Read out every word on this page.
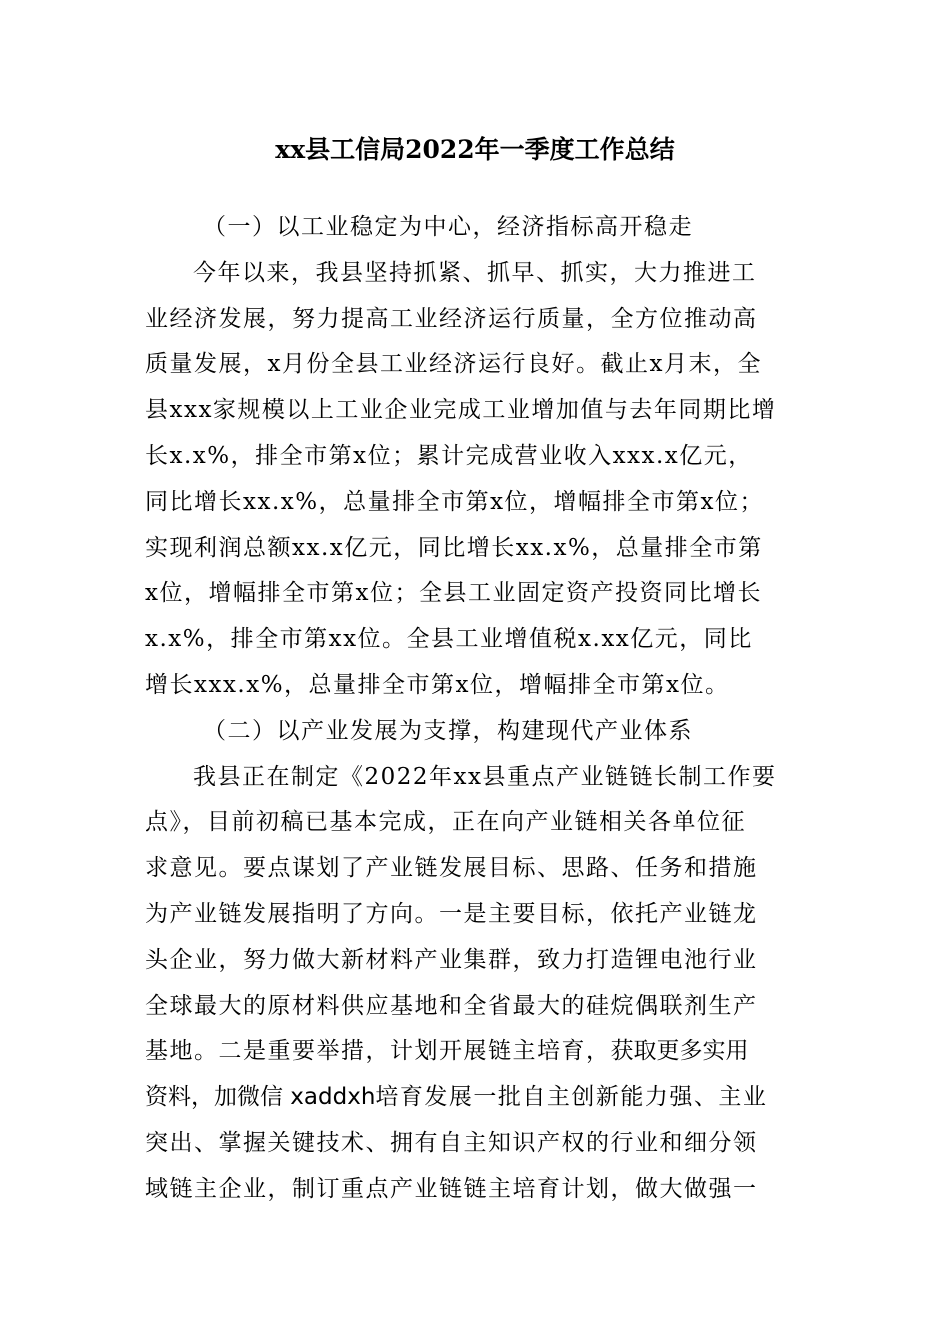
xx县工信局2022年一季度工作总结
（一）以工业稳定为中心，经济指标高开稳走
今年以来，我县坚持抓紧、抓早、抓实，大力推进工
业经济发展，努力提高工业经济运行质量，全方位推动高
质量发展，x月份全县工业经济运行良好。截止x月末，全
县xxx家规模以上工业企业完成工业增加值与去年同期比增
长x.x%，排全市第x位；累计完成营业收入xxx.x亿元，
同比增长xx.x%，总量排全市第x位，增幅排全市第x位；
实现利润总额xx.x亿元，同比增长xx.x%，总量排全市第
x位，增幅排全市第x位；全县工业固定资产投资同比增长
x.x%，排全市第xx位。全县工业增值税x.xx亿元，同比
增长xxx.x%，总量排全市第x位，增幅排全市第x位。
（二）以产业发展为支撑，构建现代产业体系
我县正在制定《2022年xx县重点产业链链长制工作要
点》，目前初稿已基本完成，正在向产业链相关各单位征
求意见。要点谋划了产业链发展目标、思路、任务和措施
为产业链发展指明了方向。一是主要目标，依托产业链龙
头企业，努力做大新材料产业集群，致力打造锂电池行业
全球最大的原材料供应基地和全省最大的硅烷偶联剂生产
基地。二是重要举措，计划开展链主培育，获取更多实用
资料，加微信 xaddxh培育发展一批自主创新能力强、主业
突出、掌握关键技术、拥有自主知识产权的行业和细分领
域链主企业，制订重点产业链链主培育计划，做大做强一
